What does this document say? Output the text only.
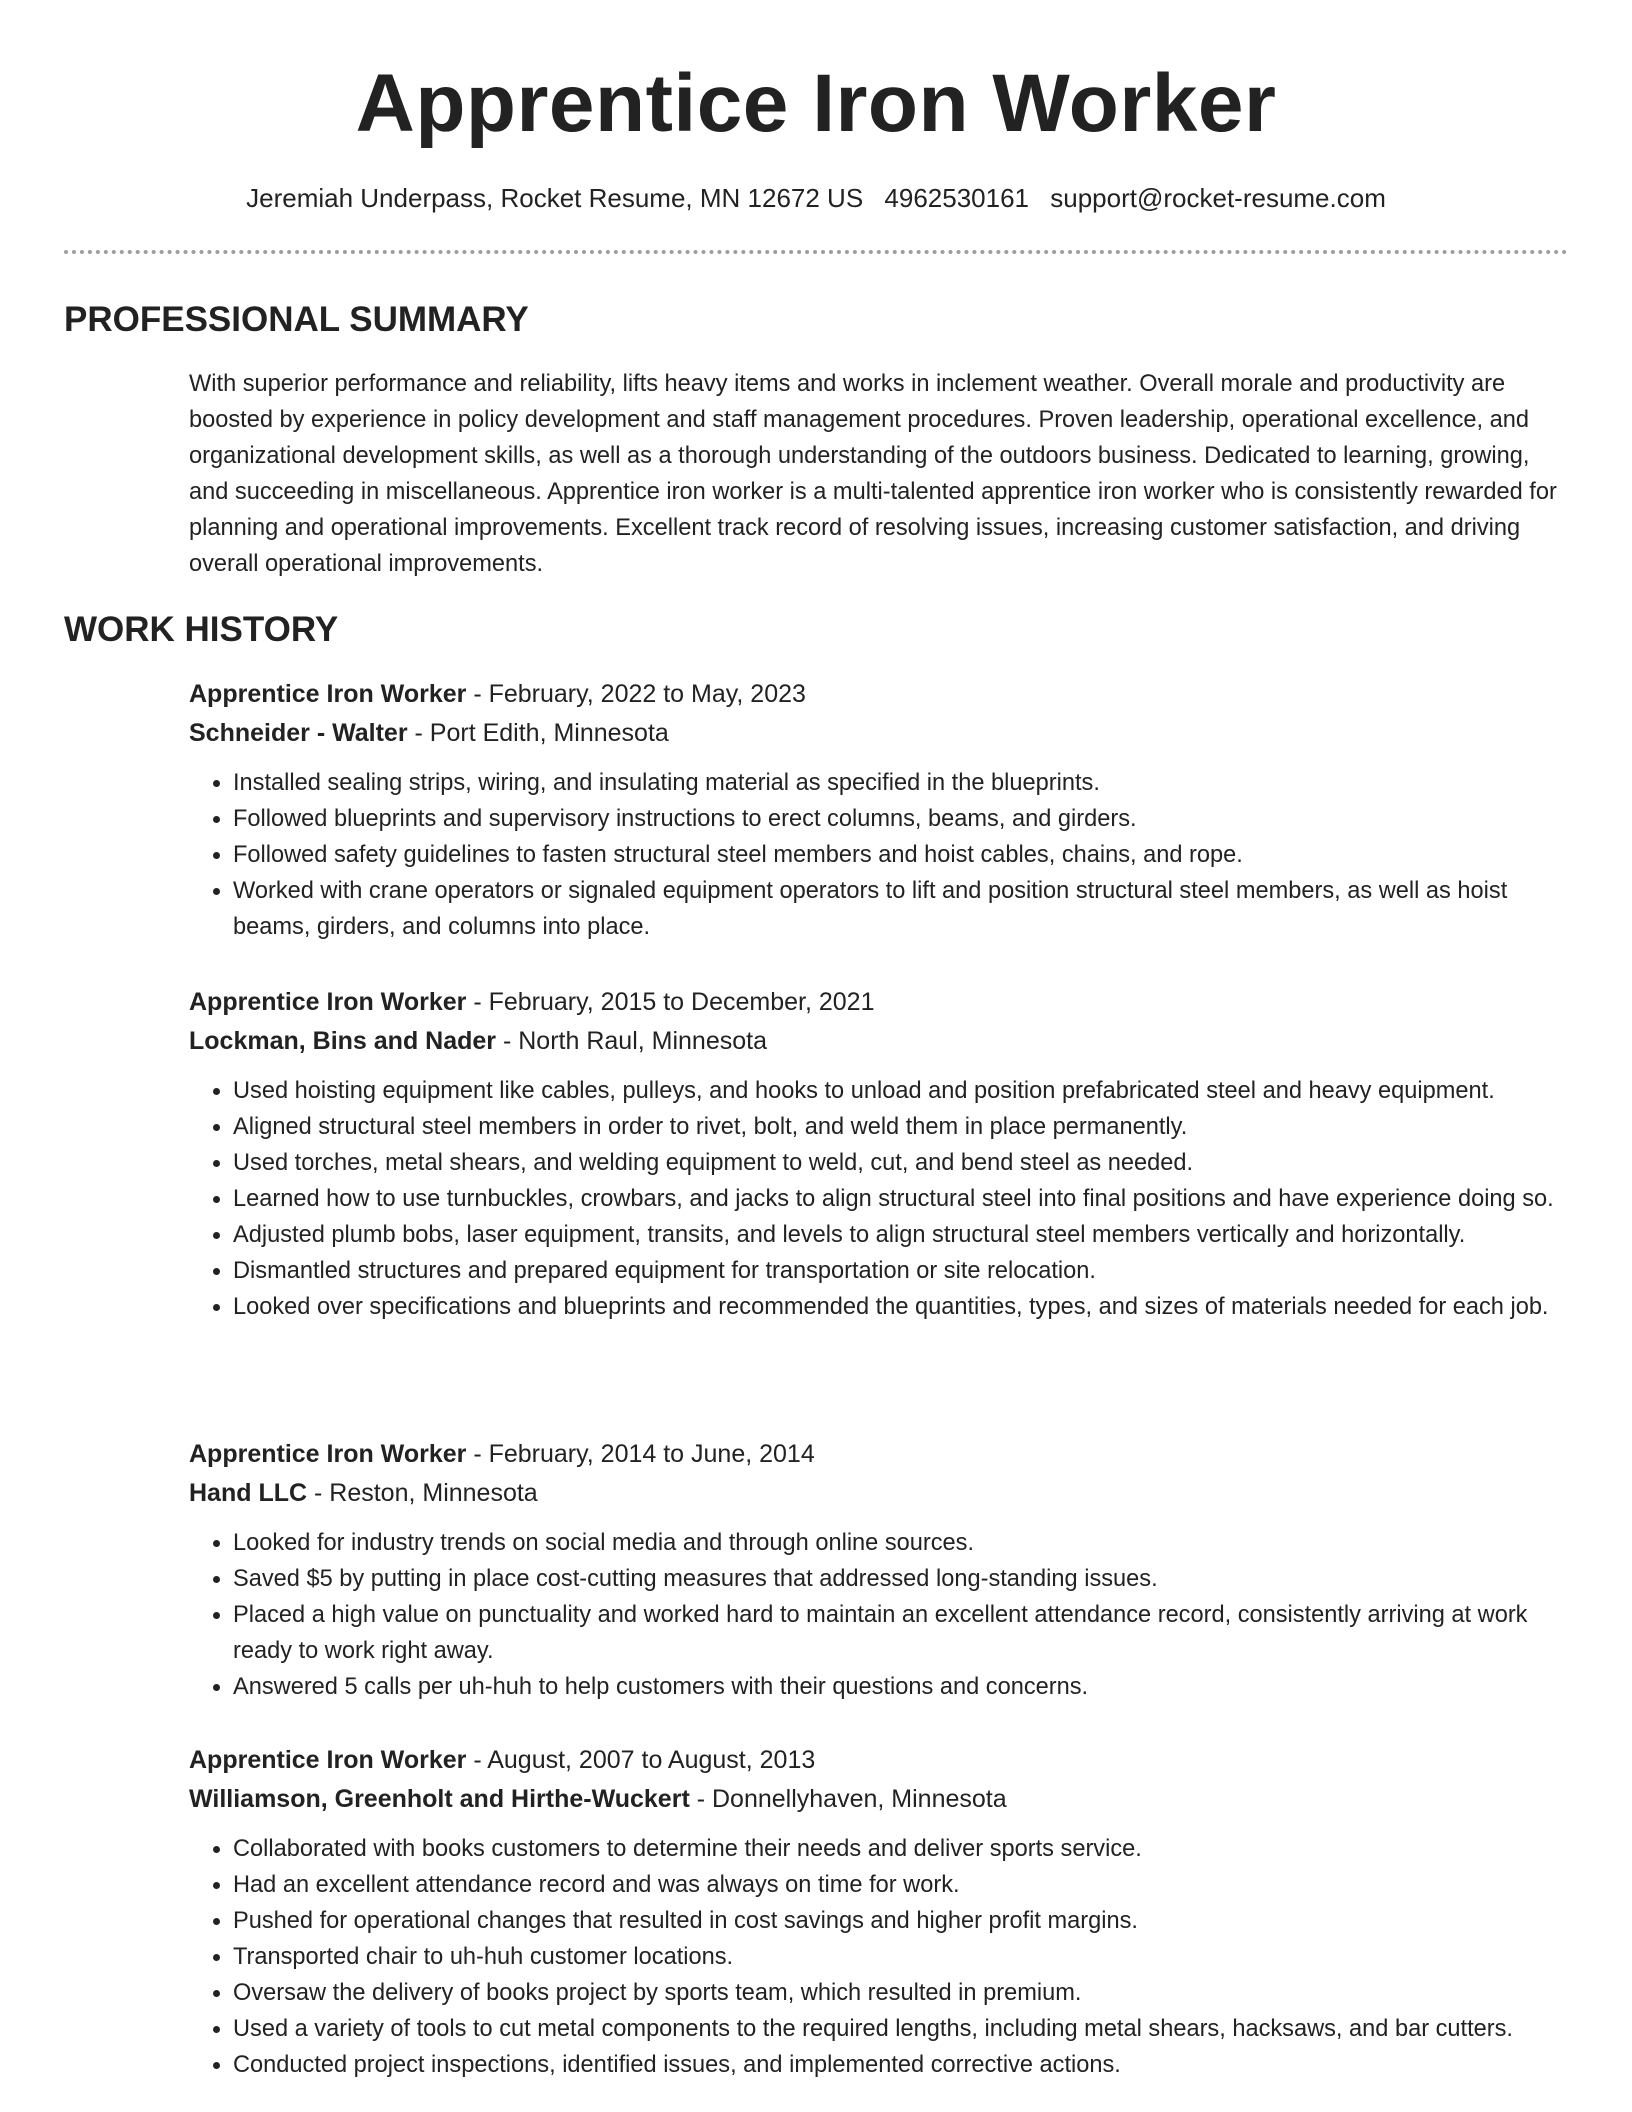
Apprentice Iron Worker
Jeremiah Underpass, Rocket Resume, MN 12672 US 4962530161 support@rocket-resume.com
PROFESSIONAL SUMMARY

With superior performance and reliability, lifts heavy items and works in inclement weather. Overall morale and productivity are boosted by experience in policy development and staff management procedures. Proven leadership, operational excellence, and organizational development skills, as well as a thorough understanding of the outdoors business. Dedicated to learning, growing, and succeeding in miscellaneous. Apprentice iron worker is a multi-talented apprentice iron worker who is consistently rewarded for planning and operational improvements. Excellent track record of resolving issues, increasing customer satisfaction, and driving overall operational improvements.

WORK HISTORY

Apprentice Iron Worker - February, 2022 to May, 2023

Schneider - Walter - Port Edith, Minnesota

• Installed sealing strips, wiring, and insulating material as specified in the blueprints.
• Followed blueprints and supervisory instructions to erect columns, beams, and girders.
• Followed safety guidelines to fasten structural steel members and hoist cables, chains, and rope.
• Worked with crane operators or signaled equipment operators to lift and position structural steel members, as well as hoist beams, girders, and columns into place.

Apprentice Iron Worker - February, 2015 to December, 2021

Lockman, Bins and Nader - North Raul, Minnesota

• Used hoisting equipment like cables, pulleys, and hooks to unload and position prefabricated steel and heavy equipment.
• Aligned structural steel members in order to rivet, bolt, and weld them in place permanently.
• Used torches, metal shears, and welding equipment to weld, cut, and bend steel as needed.
• Learned how to use turnbuckles, crowbars, and jacks to align structural steel into final positions and have experience doing so.
• Adjusted plumb bobs, laser equipment, transits, and levels to align structural steel members vertically and horizontally.
• Dismantled structures and prepared equipment for transportation or site relocation.
• Looked over specifications and blueprints and recommended the quantities, types, and sizes of materials needed for each job.

Apprentice Iron Worker - February, 2014 to June, 2014

Hand LLC - Reston, Minnesota

• Looked for industry trends on social media and through online sources.
• Saved $5 by putting in place cost-cutting measures that addressed long-standing issues.
• Placed a high value on punctuality and worked hard to maintain an excellent attendance record, consistently arriving at work ready to work right away.
• Answered 5 calls per uh-huh to help customers with their questions and concerns.

Apprentice Iron Worker - August, 2007 to August, 2013

Williamson, Greenholt and Hirthe-Wuckert - Donnellyhaven, Minnesota

• Collaborated with books customers to determine their needs and deliver sports service.
• Had an excellent attendance record and was always on time for work.
• Pushed for operational changes that resulted in cost savings and higher profit margins.
• Transported chair to uh-huh customer locations.
• Oversaw the delivery of books project by sports team, which resulted in premium.
• Used a variety of tools to cut metal components to the required lengths, including metal shears, hacksaws, and bar cutters.
• Conducted project inspections, identified issues, and implemented corrective actions.
